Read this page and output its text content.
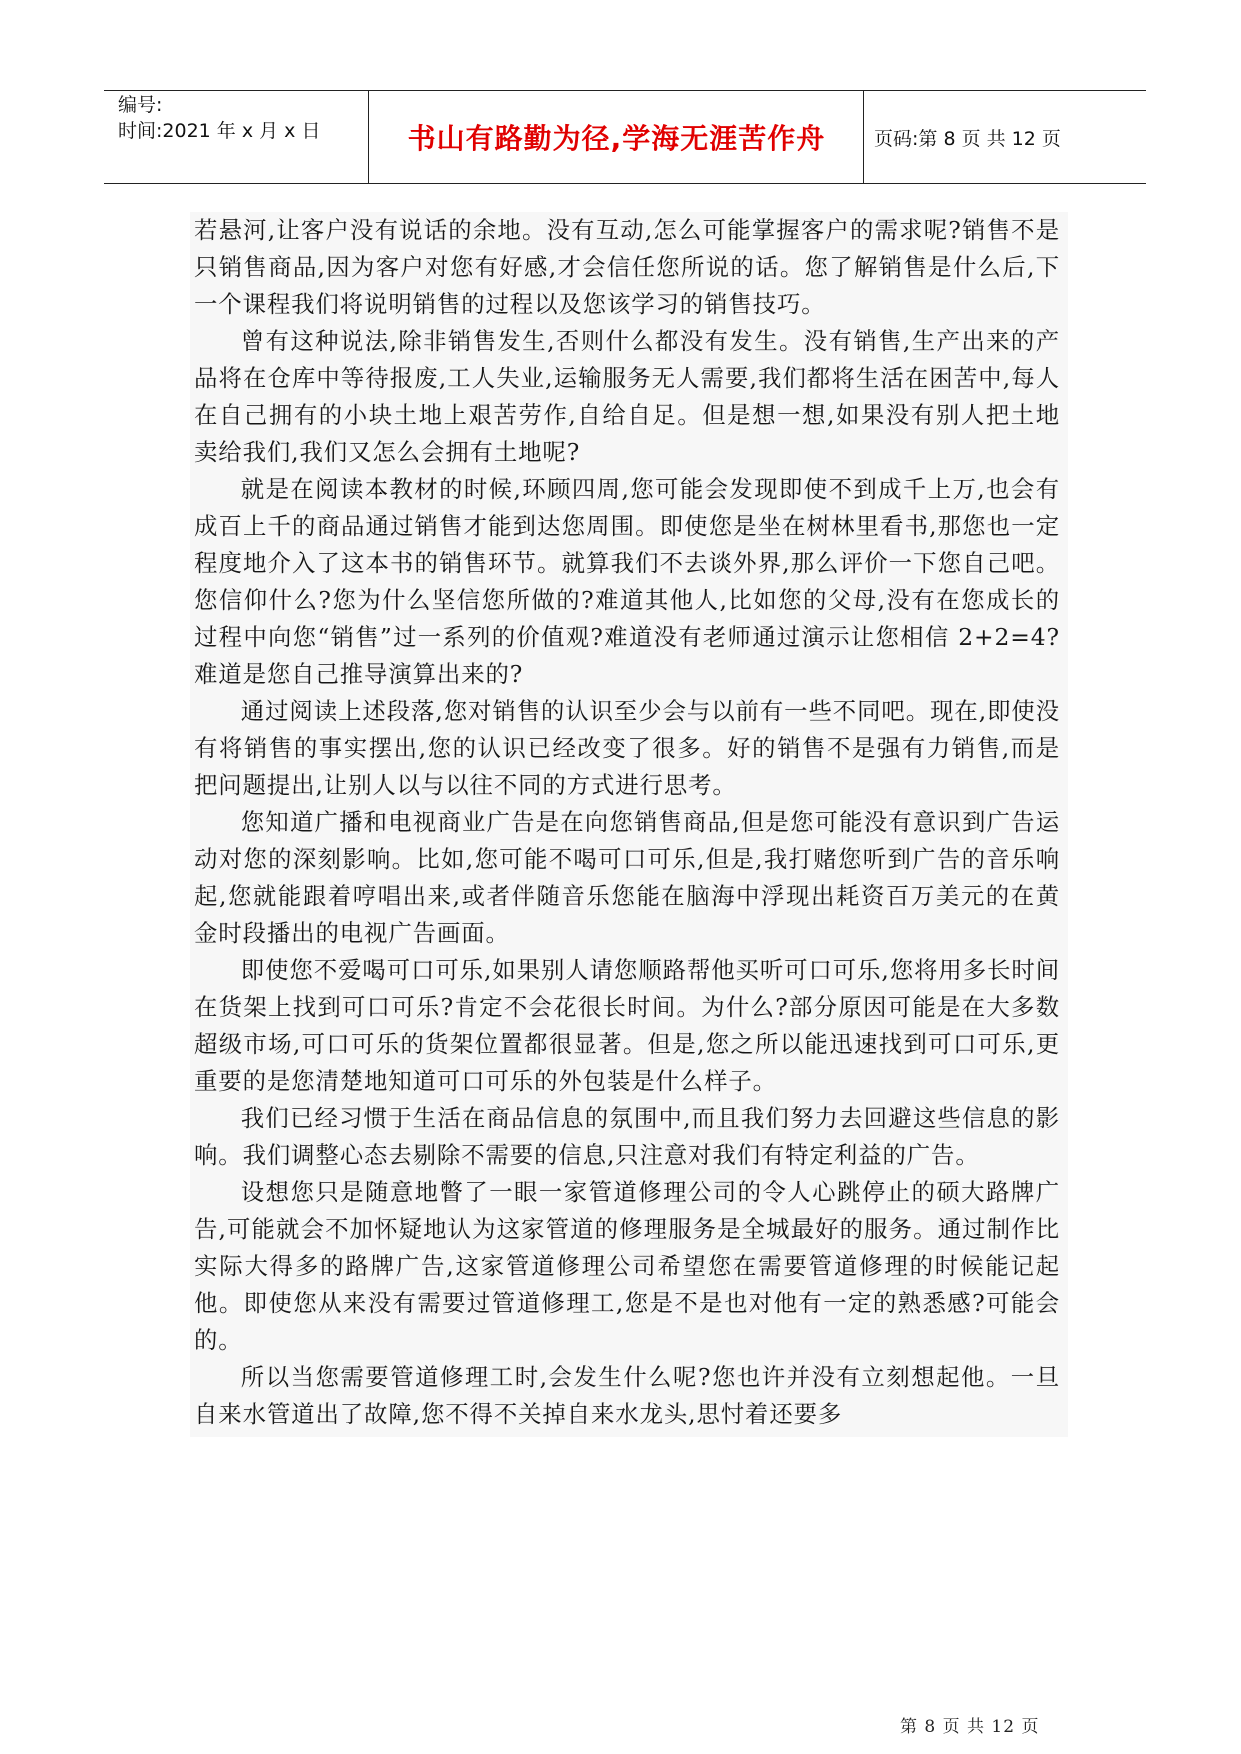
编号:
时间:2021 年 x 月 x 日	书山有路勤为径,学海无涯苦作舟	页码:第 8 页 共 12 页

若悬河,让客户没有说话的余地。没有互动,怎么可能掌握客户的需求呢?销售不是只销售商品,因为客户对您有好感,才会信任您所说的话。您了解销售是什么后,下一个课程我们将说明销售的过程以及您该学习的销售技巧。

曾有这种说法,除非销售发生,否则什么都没有发生。没有销售,生产出来的产品将在仓库中等待报废,工人失业,运输服务无人需要,我们都将生活在困苦中,每人在自己拥有的小块土地上艰苦劳作,自给自足。但是想一想,如果没有别人把土地卖给我们,我们又怎么会拥有土地呢?

就是在阅读本教材的时候,环顾四周,您可能会发现即使不到成千上万,也会有成百上千的商品通过销售才能到达您周围。即使您是坐在树林里看书,那您也一定程度地介入了这本书的销售环节。就算我们不去谈外界,那么评价一下您自己吧。您信仰什么?您为什么坚信您所做的?难道其他人,比如您的父母,没有在您成长的过程中向您“销售”过一系列的价值观?难道没有老师通过演示让您相信 2+2=4?难道是您自己推导演算出来的?

通过阅读上述段落,您对销售的认识至少会与以前有一些不同吧。现在,即使没有将销售的事实摆出,您的认识已经改变了很多。好的销售不是强有力销售,而是把问题提出,让别人以与以往不同的方式进行思考。

您知道广播和电视商业广告是在向您销售商品,但是您可能没有意识到广告运动对您的深刻影响。比如,您可能不喝可口可乐,但是,我打赌您听到广告的音乐响起,您就能跟着哼唱出来,或者伴随音乐您能在脑海中浮现出耗资百万美元的在黄金时段播出的电视广告画面。

即使您不爱喝可口可乐,如果别人请您顺路帮他买听可口可乐,您将用多长时间在货架上找到可口可乐?肯定不会花很长时间。为什么?部分原因可能是在大多数超级市场,可口可乐的货架位置都很显著。但是,您之所以能迅速找到可口可乐,更重要的是您清楚地知道可口可乐的外包装是什么样子。

我们已经习惯于生活在商品信息的氛围中,而且我们努力去回避这些信息的影响。我们调整心态去剔除不需要的信息,只注意对我们有特定利益的广告。

设想您只是随意地瞥了一眼一家管道修理公司的令人心跳停止的硕大路牌广告,可能就会不加怀疑地认为这家管道的修理服务是全城最好的服务。通过制作比实际大得多的路牌广告,这家管道修理公司希望您在需要管道修理的时候能记起他。即使您从来没有需要过管道修理工,您是不是也对他有一定的熟悉感?可能会的。

所以当您需要管道修理工时,会发生什么呢?您也许并没有立刻想起他。一旦自来水管道出了故障,您不得不关掉自来水龙头,思忖着还要多

第 8 页 共 12 页
